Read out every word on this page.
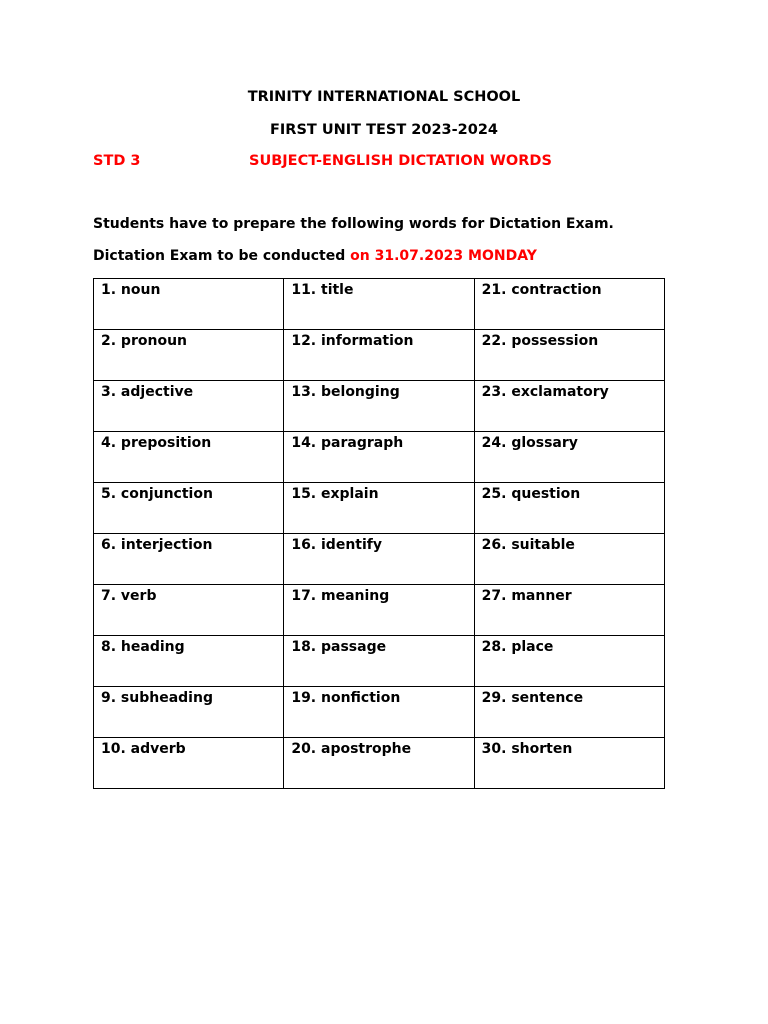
TRINITY INTERNATIONAL SCHOOL
FIRST UNIT TEST 2023-2024
STD 3	SUBJECT-ENGLISH DICTATION WORDS
Students have to prepare the following words for Dictation Exam.
Dictation Exam to be conducted on 31.07.2023 MONDAY
1. noun	11. title	21. contraction
2. pronoun	12. information	22. possession
3. adjective	13. belonging	23. exclamatory
4. preposition	14. paragraph	24. glossary
5. conjunction	15. explain	25. question
6. interjection	16. identify	26. suitable
7. verb	17. meaning	27. manner
8. heading	18. passage	28. place
9. subheading	19. nonfiction	29. sentence
10. adverb	20. apostrophe	30. shorten
